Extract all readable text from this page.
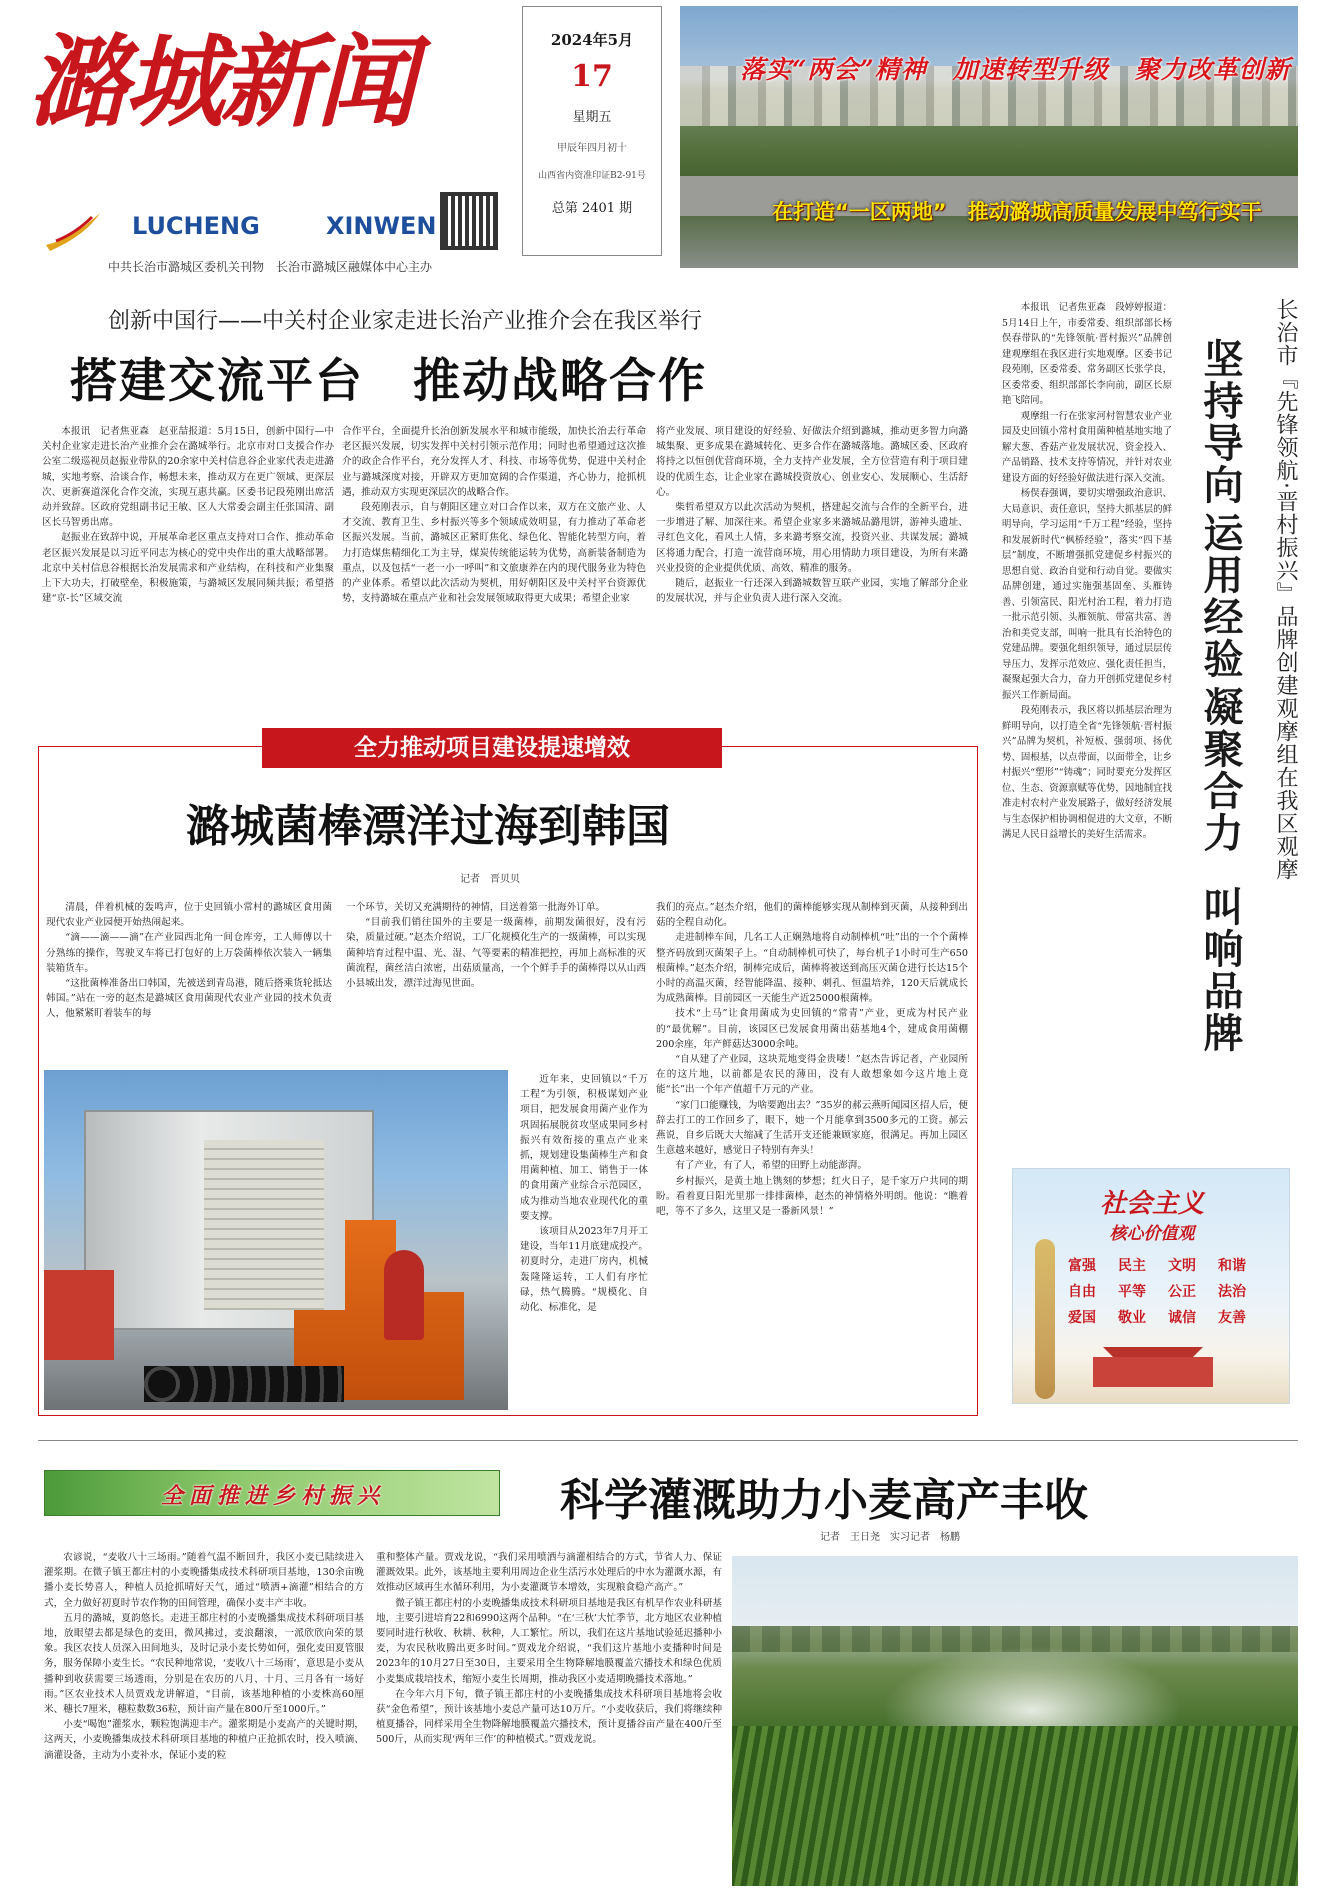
潞城新闻
LUCHENG	XINWEN
中共长治市潞城区委机关刊物　长治市潞城区融媒体中心主办
2024年5月
17
星期五
甲辰年四月初十
山西省内资准印证B2-91号
总第 2401 期
落实“两会”精神　加速转型升级　聚力改革创新
在打造“一区两地”　推动潞城高质量发展中笃行实干
创新中国行——中关村企业家走进长治产业推介会在我区举行
搭建交流平台　推动战略合作

本报讯　记者焦亚森　赵亚喆报道：5月15日，创新中国行—中关村企业家走进长治产业推介会在潞城举行。北京市对口支援合作办公室二级巡视员赵振业带队的20余家中关村信息谷企业家代表走进潞城，实地考察、洽谈合作，畅想未来，推动双方在更广领域、更深层次、更新赛道深化合作交流，实现互惠共赢。区委书记段苑刚出席活动并致辞。区政府党组副书记王敏、区人大常委会副主任张国清、副区长马智勇出席。

赵振业在致辞中说，开展革命老区重点支持对口合作、推动革命老区振兴发展是以习近平同志为核心的党中央作出的重大战略部署。北京中关村信息谷根据长治发展需求和产业结构，在科技和产业集聚上下大功夫，打破壁垒，积极施策，与潞城区发展同频共振；希望搭建“京-长”区域交流

合作平台，全面提升长治创新发展水平和城市能级，加快长治去行革命老区振兴发展，切实发挥中关村引领示范作用；同时也希望通过这次推介的政企合作平台，充分发挥人才、科技、市场等优势，促进中关村企业与潞城深度对接，开辟双方更加宽阔的合作渠道，齐心协力，抢抓机遇，推动双方实现更深层次的战略合作。

段苑刚表示，自与朝阳区建立对口合作以来，双方在文旅产业、人才交流、教育卫生、乡村振兴等多个领域成效明显，有力推动了革命老区振兴发展。当前，潞城区正紧盯焦化、绿色化、智能化转型方向，着力打造煤焦精细化工为主导，煤炭传统能运转为优势，高新装备制造为重点，以及包括“一老一小一呼叫”和文旅康养在内的现代服务业为特色的产业体系。希望以此次活动为契机，用好朝阳区及中关村平台资源优势，支持潞城在重点产业和社会发展领域取得更大成果；希望企业家

将产业发展、项目建设的好经验、好做法介绍到潞城，推动更多智力向潞城集聚、更多成果在潞城转化、更多合作在潞城落地。潞城区委、区政府将持之以恒创优营商环境，全力支持产业发展，全方位营造有利于项目建设的优质生态，让企业家在潞城投资放心、创业安心、发展顺心、生活舒心。

柴哲希望双方以此次活动为契机，搭建起交流与合作的全新平台，进一步增进了解、加深往来。希望企业家多来潞城品潞甩饼，游神头遗址、寻红色文化，看风土人情，多来潞考察交流，投资兴业、共谋发展；潞城区将通力配合，打造一流营商环境，用心用情助力项目建设，为所有来潞兴业投资的企业提供优质、高效、精准的服务。

随后，赵振业一行还深入到潞城数智互联产业园，实地了解部分企业的发展状况，并与企业负责人进行深入交流。

本报讯　记者焦亚森　段婷婷报道：5月14日上午，市委常委、组织部部长杨俣春带队的“先锋领航·晋村振兴”品牌创建观摩组在我区进行实地观摩。区委书记段苑刚，区委常委、常务副区长张学良，区委常委、组织部部长李向前，副区长原艳飞陪同。

观摩组一行在张家河村智慧农业产业园及史回镇小常村食用菌种植基地实地了解大葱、香菇产业发展状况、资金投入、产品销路、技术支持等情况，并针对农业建设方面的好经验好做法进行深入交流。

杨俣春强调，要切实增强政治意识、大局意识、责任意识，坚持大抓基层的鲜明导向，学习运用“千万工程”经验，坚持和发展新时代“枫桥经验”，落实“四下基层”制度，不断增强抓党建促乡村振兴的思想自觉、政治自觉和行动自觉。要做实品牌创建，通过实施强基固垒、头雁铸善、引领富民、阳光村治工程，着力打造一批示范引领、头雁领航、带富共富、善治和美党支部，叫响一批具有长治特色的党建品牌。要强化组织领导，通过层层传导压力、发挥示范效应、强化责任担当，凝聚起强大合力，奋力开创抓党建促乡村振兴工作新局面。

段苑刚表示，我区将以抓基层治理为鲜明导向，以打造全省“先锋领航·晋村振兴”品牌为契机，补短板、强弱项、扬优势、固根基，以点带面，以面带全，让乡村振兴“塑形”“铸魂”；同时要充分发挥区位、生态、资源禀赋等优势，因地制宜找准走村农村产业发展路子，做好经济发展与生态保护相协调相促进的大文章，不断满足人民日益增长的美好生活需求。

坚持导向
运用经验
凝聚合力
叫响品牌
长治市『先锋领航·晋村振兴』品牌创建观摩组在我区观摩
社会主义
核心价值观
富强	民主	文明	和谐
自由	平等	公正	法治
爱国	敬业	诚信	友善
全力推动项目建设提速增效
潞城菌棒漂洋过海到韩国
记者　晋贝贝

清晨，伴着机械的轰鸣声，位于史回镇小常村的潞城区食用菌现代农业产业园便开始热闹起来。

“滴——滴——滴”在产业园西北角一间仓库旁，工人师傅以十分熟练的操作，驾驶叉车将已打包好的上万袋菌棒依次装入一辆集装箱货车。

“这批菌棒准备出口韩国，先被送到青岛港，随后搭乘货轮抵达韩国。”站在一旁的赵杰是潞城区食用菌现代农业产业园的技术负责人，他紧紧盯着装车的每

一个环节，关切又充满期待的神情，目送着第一批海外订单。

“目前我们销往国外的主要是一级菌棒，前期发菌很好，没有污染，质量过硬。”赵杰介绍说，工厂化规模化生产的一级菌棒，可以实现菌种培育过程中温、光、湿、气等要素的精准把控，再加上高标准的灭菌流程，菌丝洁白浓密，出菇质量高，一个个鲜手手的菌棒得以从山西小县城出发，漂洋过海见世面。

近年来，史回镇以“千万工程”为引领，积极谋划产业项目，把发展食用菌产业作为巩固拓展脱贫攻坚成果同乡村振兴有效衔接的重点产业来抓，规划建设集菌棒生产和食用菌种植、加工、销售于一体的食用菌产业综合示范园区，成为推动当地农业现代化的重要支撑。

该项目从2023年7月开工建设，当年11月底建成投产。初夏时分，走进厂房内，机械轰隆隆运转，工人们有序忙碌，热气腾腾。“规模化、自动化、标准化，是

我们的亮点。”赵杰介绍，他们的菌棒能够实现从制棒到灭菌，从接种到出菇的全程自动化。

走进制棒车间，几名工人正娴熟地将自动制棒机“吐”出的一个个菌棒整齐码放到灭菌架子上。“自动制棒机可快了，每台机子1小时可生产650根菌棒。”赵杰介绍，制棒完成后，菌棒将被送到高压灭菌仓进行长达15个小时的高温灭菌，经智能降温、接种、刺孔、恒温培养，120天后就成长为成熟菌棒。目前园区一天能生产近25000根菌棒。

技术“上马”让食用菌成为史回镇的“常青”产业，更成为村民产业的“最优解”。目前，该园区已发展食用菌出菇基地4个，建成食用菌棚200余座，年产鲜菇达3000余吨。

“自从建了产业园，这块荒地变得金贵喽！”赵杰告诉记者，产业园所在的这片地，以前都是农民的薄田，没有人敢想象如今这片地上竟能“长”出一个年产值超千万元的产业。

“家门口能赚钱，为啥要跑出去？”35岁的郝云燕听闻园区招人后，便辞去打工的工作回乡了，眼下，她一个月能拿到3500多元的工资。郝云燕说，自乡后既大大缩减了生活开支还能兼顾家庭，很满足。再加上园区生意越来越好，感觉日子特别有奔头！

有了产业，有了人，希望的田野上动能澎湃。

乡村振兴，是黄土地上镌刻的梦想；红火日子，是千家万户共同的期盼。看着夏日阳光里那一排排菌棒，赵杰的神情格外明朗。他说：“瞧着吧，等不了多久，这里又是一番新风景！”

全面推进乡村振兴	科学灌溉助力小麦高产丰收
记者　王日尧　实习记者　杨鹏

农谚说，“麦收八十三场雨。”随着气温不断回升，我区小麦已陆续进入灌浆期。在微子镇王都庄村的小麦晚播集成技术科研项目基地，130余亩晚播小麦长势喜人，种植人员抢抓晴好天气，通过“喷洒+滴灌”相结合的方式，全力做好初夏时节农作物的田间管理，确保小麦丰产丰收。

五月的潞城，夏韵悠长。走进王都庄村的小麦晚播集成技术科研项目基地，放眼望去都是绿色的麦田，微风拂过，麦浪翻滚，一派欣欣向荣的景象。我区农技人员深入田间地头，及时记录小麦长势如何，强化麦田夏管服务，服务保障小麦生长。“农民种地常说，‘麦收八十三场雨’，意思是小麦从播种到收获需要三场透雨，分别是在农历的八月、十月、三月各有一场好雨。”区农业技术人员贾戏龙讲解道，“目前，该基地种植的小麦株高60厘米、穗长7厘米，穗粒数数36粒，预计亩产量在800斤至1000斤。”

小麦“喝饱”灌浆水，颗粒饱满迎丰产。灌浆期是小麦高产的关键时期，这两天，小麦晚播集成技术科研项目基地的种植户正抢抓农时，投入喷滴、滴灌设备，主动为小麦补水，保证小麦的粒

重和整体产量。贾戏龙说，“我们采用喷洒与滴灌相结合的方式，节省人力、保证灌溉效果。此外，该基地主要利用周边企业生活污水处理后的中水为灌溉水源，有效推动区域再生水循环利用，为小麦灌溉节本增效，实现粮食稳产高产。”

微子镇王都庄村的小麦晚播集成技术科研项目基地是我区有机旱作农业科研基地，主要引进培育22和6990这两个品种。“在‘三秋’大忙季节，北方地区农业种植要同时进行秋收、秋耕、秋种，人工繁忙。所以，我们在这片基地试验延迟播种小麦，为农民秋收腾出更多时间。”贾戏龙介绍说，“我们这片基地小麦播种时间是2023年的10月27日至30日，主要采用全生物降解地膜覆盖穴播技术和绿色优质小麦集成栽培技术，缩短小麦生长周期，推动我区小麦适期晚播技术落地。”

在今年六月下旬，微子镇王都庄村的小麦晚播集成技术科研项目基地将会收获“金色希望”，预计该基地小麦总产量可达10万斤。“小麦收获后，我们将继续种植夏播谷，同样采用全生物降解地膜覆盖穴播技术，预计夏播谷亩产量在400斤至500斤，从而实现‘两年三作’的种植模式。”贾戏龙说。
